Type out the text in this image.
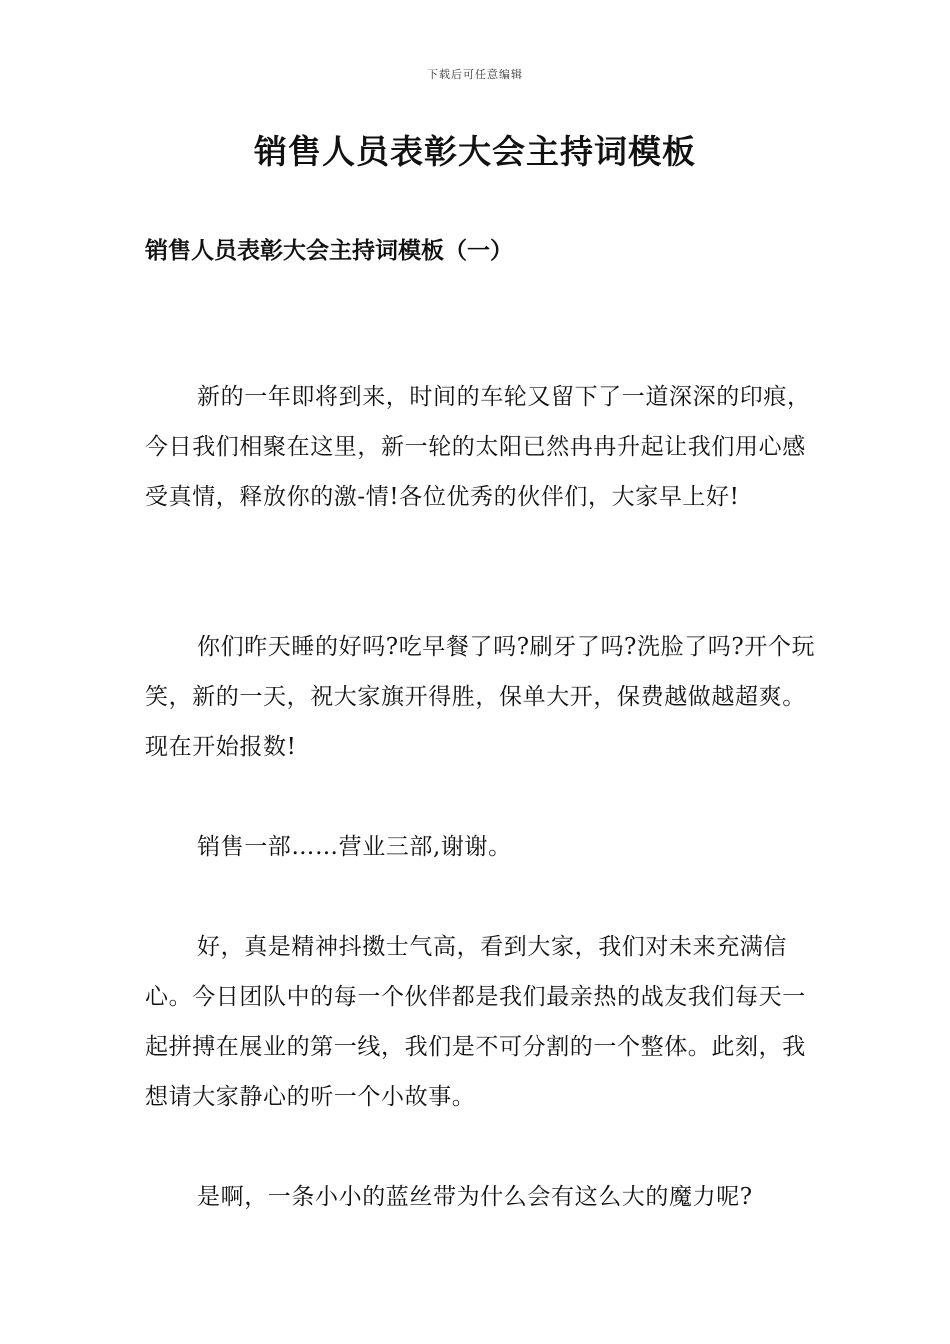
下载后可任意编辑
销售人员表彰大会主持词模板
销售人员表彰大会主持词模板（一）

新的一年即将到来，时间的车轮又留下了一道深深的印痕，今日我们相聚在这里，新一轮的太阳已然冉冉升起让我们用心感受真情，释放你的激-情!各位优秀的伙伴们，大家早上好!

你们昨天睡的好吗?吃早餐了吗?刷牙了吗?洗脸了吗?开个玩笑，新的一天，祝大家旗开得胜，保单大开，保费越做越超爽。现在开始报数!

销售一部……营业三部,谢谢。

好，真是精神抖擞士气高，看到大家，我们对未来充满信心。今日团队中的每一个伙伴都是我们最亲热的战友我们每天一起拼搏在展业的第一线，我们是不可分割的一个整体。此刻，我想请大家静心的听一个小故事。

是啊，一条小小的蓝丝带为什么会有这么大的魔力呢?
